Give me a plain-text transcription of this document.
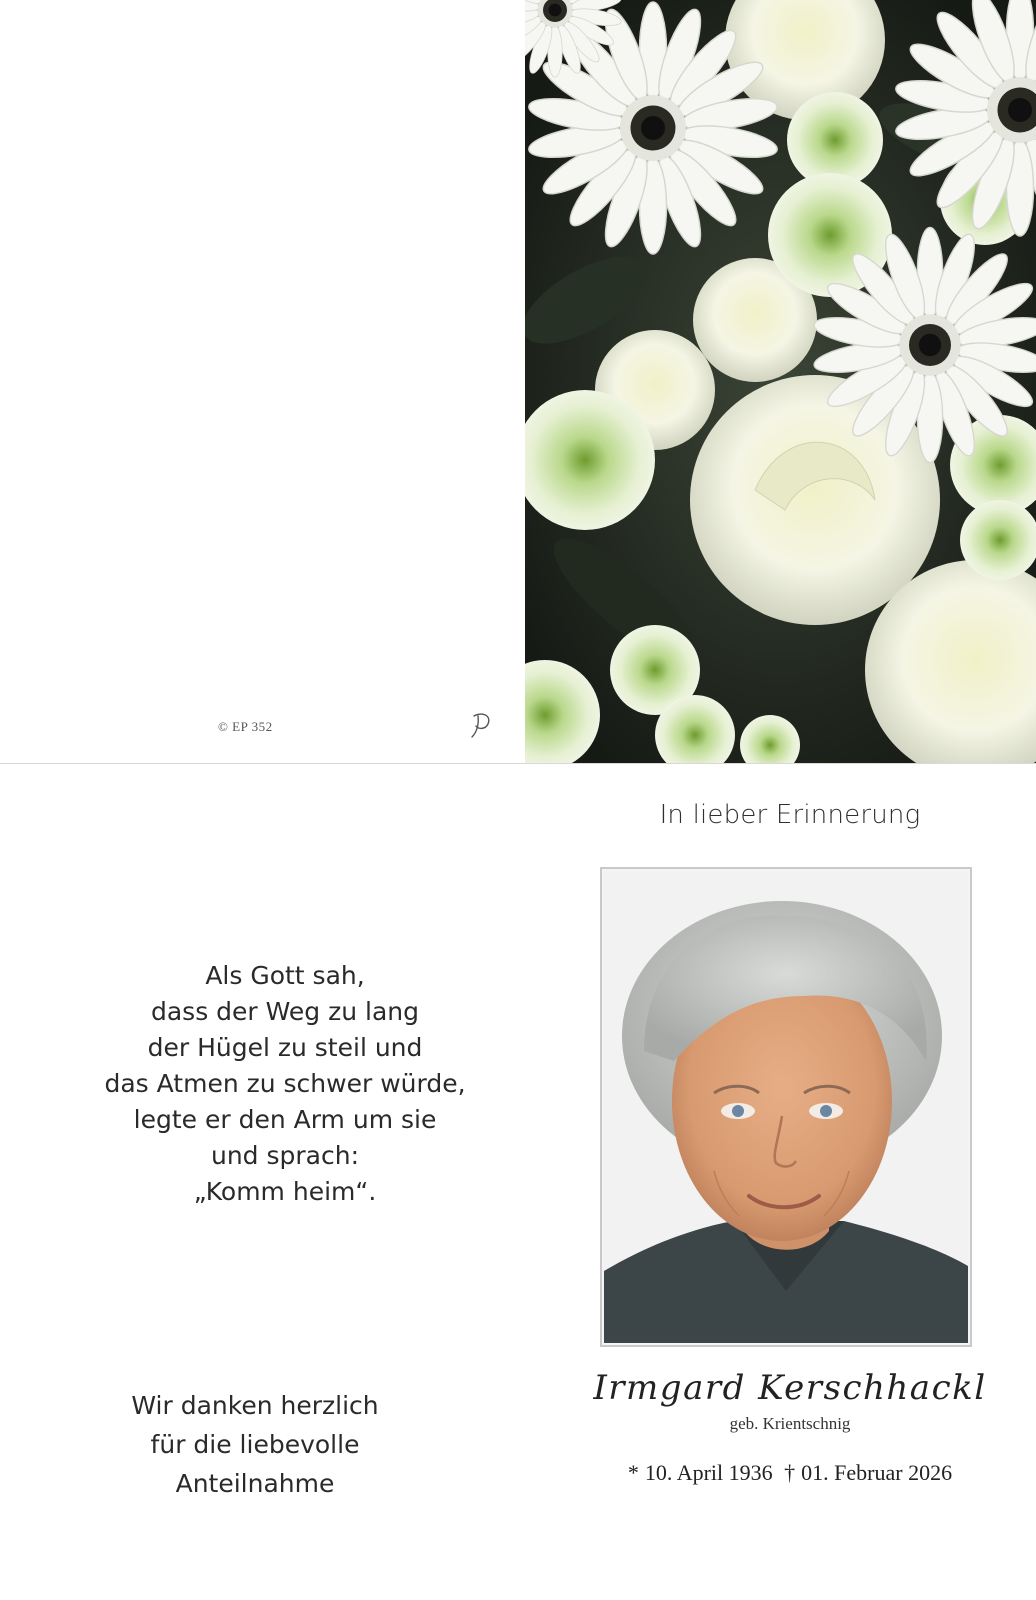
© EP 352
In lieber Erinnerung
Als Gott sah,
dass der Weg zu lang
der Hügel zu steil und
das Atmen zu schwer würde,
legte er den Arm um sie
und sprach:
„Komm heim“.
Wir danken herzlich
für die liebevolle
Anteilnahme
Irmgard Kerschhackl
geb. Krientschnig
* 10. April 1936 † 01. Februar 2026
